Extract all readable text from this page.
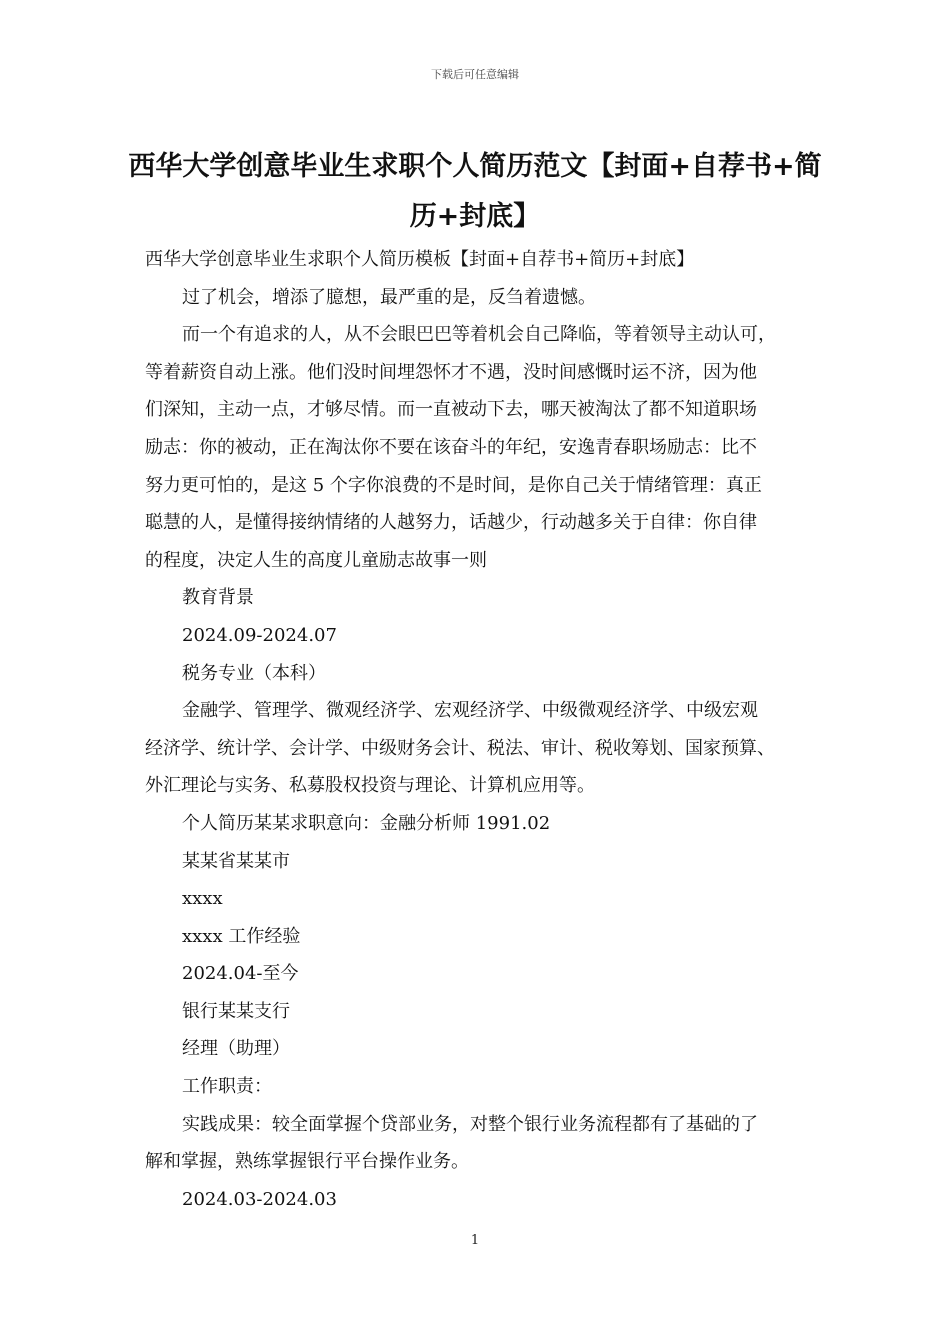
下载后可任意编辑
西华大学创意毕业生求职个人简历范文【封面+自荐书+简
历+封底】

西华大学创意毕业生求职个人简历模板【封面+自荐书+简历+封底】

过了机会，增添了臆想，最严重的是，反刍着遗憾。

而一个有追求的人，从不会眼巴巴等着机会自己降临，等着领导主动认可，

等着薪资自动上涨。他们没时间埋怨怀才不遇，没时间感慨时运不济，因为他

们深知，主动一点，才够尽情。而一直被动下去，哪天被淘汰了都不知道职场

励志：你的被动，正在淘汰你不要在该奋斗的年纪，安逸青春职场励志：比不

努力更可怕的，是这 5 个字你浪费的不是时间，是你自己关于情绪管理：真正

聪慧的人，是懂得接纳情绪的人越努力，话越少，行动越多关于自律：你自律

的程度，决定人生的高度儿童励志故事一则

教育背景

2024.09-2024.07

税务专业（本科）

金融学、管理学、微观经济学、宏观经济学、中级微观经济学、中级宏观

经济学、统计学、会计学、中级财务会计、税法、审计、税收筹划、国家预算、

外汇理论与实务、私募股权投资与理论、计算机应用等。

个人简历某某求职意向：金融分析师 1991.02

某某省某某市

xxxx

xxxx 工作经验

2024.04-至今

银行某某支行

经理（助理）

工作职责：

实践成果：较全面掌握个贷部业务，对整个银行业务流程都有了基础的了

解和掌握，熟练掌握银行平台操作业务。

2024.03-2024.03

1
